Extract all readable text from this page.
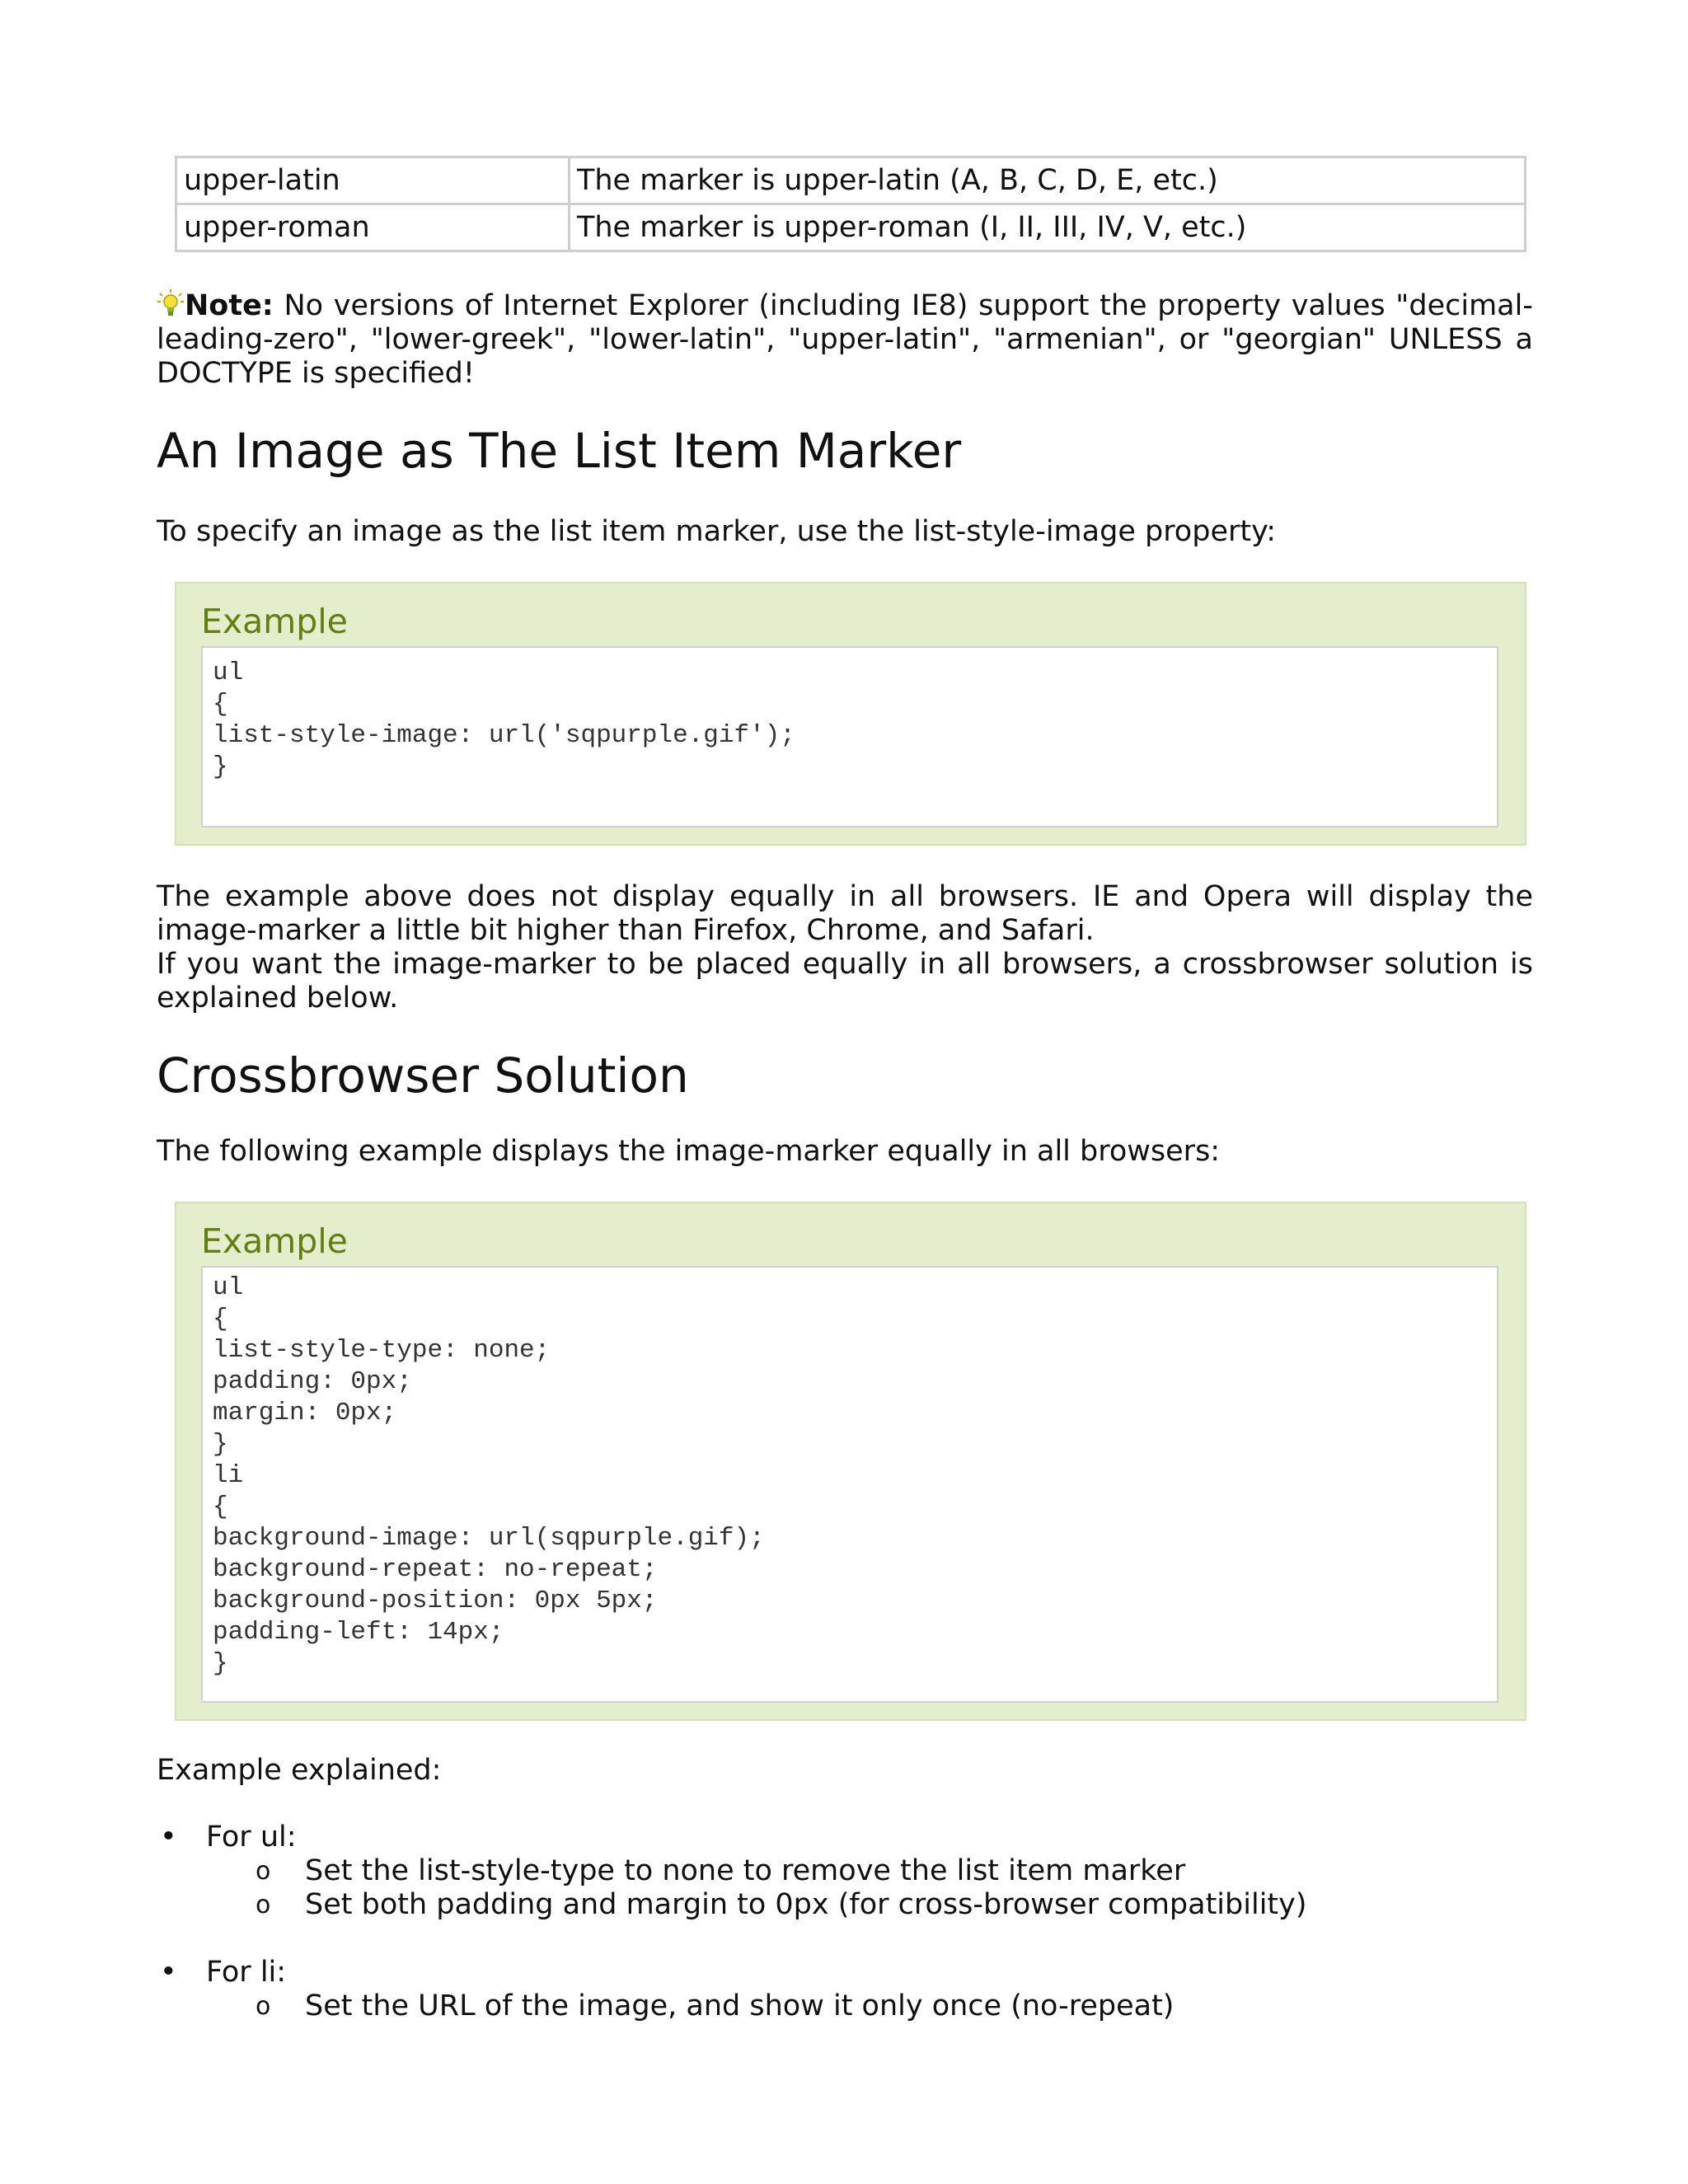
upper-latin	The marker is upper-latin (A, B, C, D, E, etc.)
upper-roman	The marker is upper-roman (I, II, III, IV, V, etc.)
Note: No versions of Internet Explorer (including IE8) support the property values "decimal-leading-zero", "lower-greek", "lower-latin", "upper-latin", "armenian", or "georgian" UNLESS a DOCTYPE is specified!
An Image as The List Item Marker

To specify an image as the list item marker, use the list-style-image property:

Example
ul
{
list-style-image: url('sqpurple.gif');
}

The example above does not display equally in all browsers. IE and Opera will display the image-marker a little bit higher than Firefox, Chrome, and Safari.

If you want the image-marker to be placed equally in all browsers, a crossbrowser solution is explained below.

Crossbrowser Solution

The following example displays the image-marker equally in all browsers:

Example
ul
{
list-style-type: none;
padding: 0px;
margin: 0px;
}
li
{
background-image: url(sqpurple.gif);
background-repeat: no-repeat;
background-position: 0px 5px;
padding-left: 14px;
}

Example explained:

• For ul:
o Set the list-style-type to none to remove the list item marker
o Set both padding and margin to 0px (for cross-browser compatibility)
• For li:
o Set the URL of the image, and show it only once (no-repeat)
